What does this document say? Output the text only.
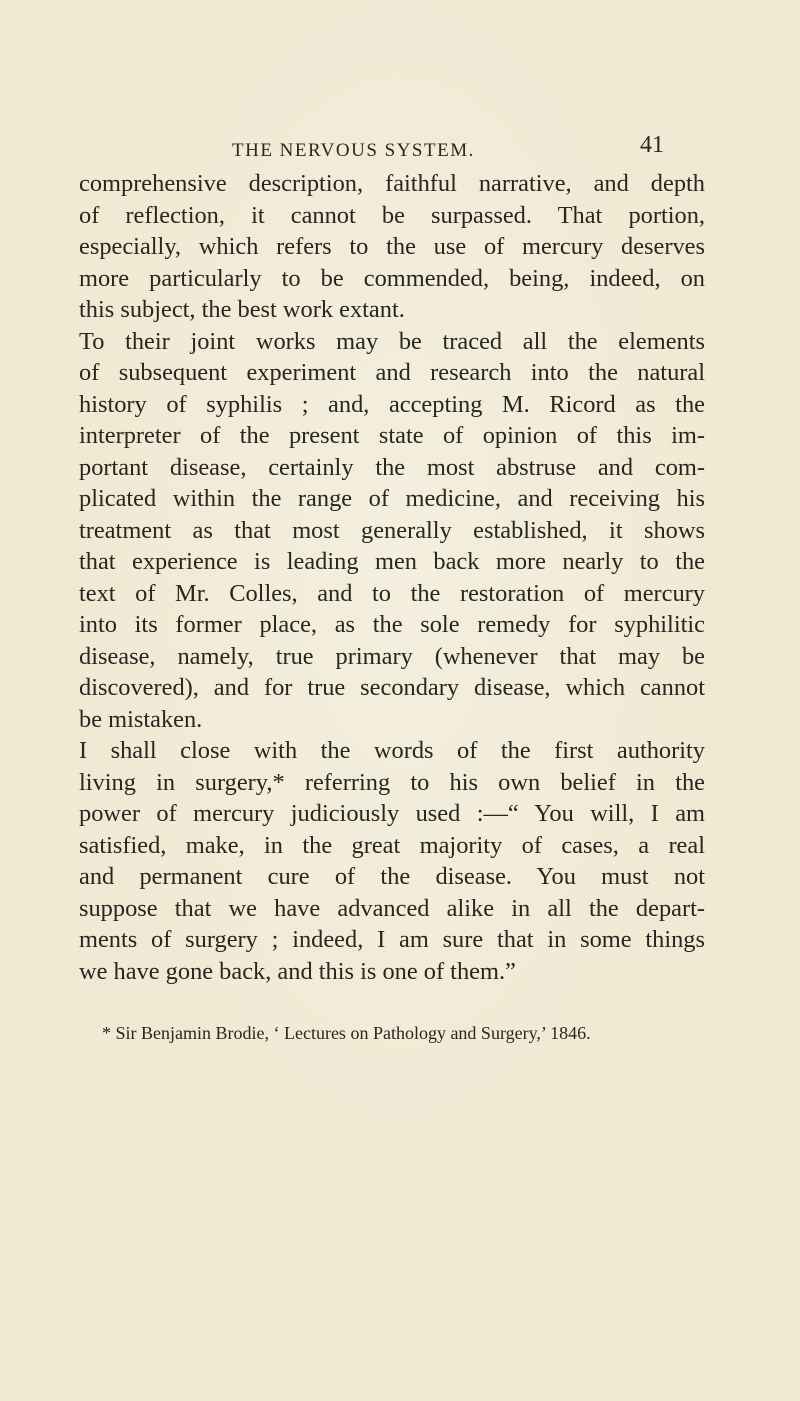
THE NERVOUS SYSTEM.	41

comprehensive description, faithful narrative, and depth
of reflection, it cannot be surpassed. That portion,
especially, which refers to the use of mercury deserves
more particularly to be commended, being, indeed, on
this subject, the best work extant.

To their joint works may be traced all the elements
of subsequent experiment and research into the natural
history of syphilis ; and, accepting M. Ricord as the
interpreter of the present state of opinion of this im-
portant disease, certainly the most abstruse and com-
plicated within the range of medicine, and receiving his
treatment as that most generally established, it shows
that experience is leading men back more nearly to the
text of Mr. Colles, and to the restoration of mercury
into its former place, as the sole remedy for syphilitic
disease, namely, true primary (whenever that may be
discovered), and for true secondary disease, which cannot
be mistaken.

I shall close with the words of the first authority
living in surgery,* referring to his own belief in the
power of mercury judiciously used :—“ You will, I am
satisfied, make, in the great majority of cases, a real
and permanent cure of the disease. You must not
suppose that we have advanced alike in all the depart-
ments of surgery ; indeed, I am sure that in some things
we have gone back, and this is one of them.”

* Sir Benjamin Brodie, ‘ Lectures on Pathology and Surgery,’ 1846.
